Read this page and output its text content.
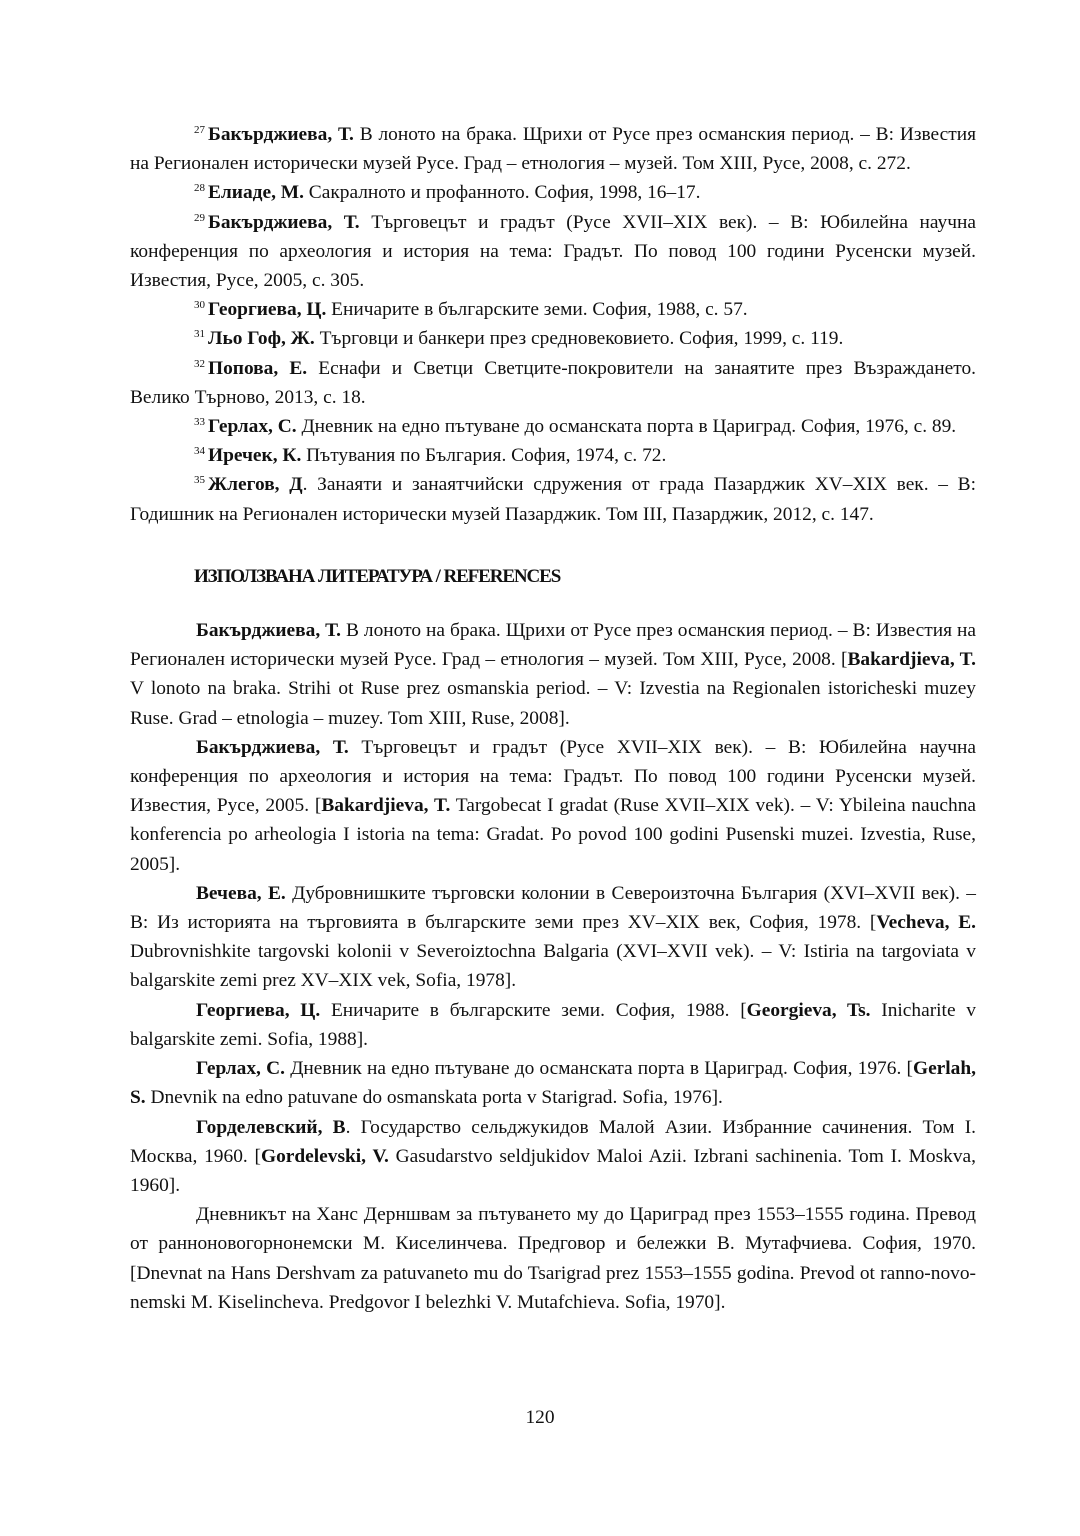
$^{27}$ Бакърджиева, Т. В лоното на брака. Щрихи от Русе през османския период. – В: Известия на Регионален исторически музей Русе. Град – етнология – музей. Том XIII, Русе, 2008, с. 272.

$^{28}$ Елиаде, М. Сакралното и профанното. София, 1998, 16–17.

$^{29}$ Бакърджиева, Т. Търговецът и градът (Русе XVII–XIX век). – В: Юбилейна научна конференция по археология и история на тема: Градът. По повод 100 години Русенски музей. Известия, Русе, 2005, с. 305.

$^{30}$ Георгиева, Ц. Еничарите в българските земи. София, 1988, с. 57.

$^{31}$ Льо Гоф, Ж. Търговци и банкери през средновековието. София, 1999, с. 119.

$^{32}$ Попова, Е. Еснафи и Светци Светците-покровители на занаятите през Възраждането. Велико Търново, 2013, с. 18.

$^{33}$ Герлах, С. Дневник на едно пътуване до османската порта в Цариград. София, 1976, с. 89.

$^{34}$ Иречек, К. Пътувания по България. София, 1974, с. 72.

$^{35}$ Жлегов, Д. Занаяти и занаятчийски сдружения от града Пазарджик XV–XIX век. – В: Годишник на Регионален исторически музей Пазарджик. Том III, Пазарджик, 2012, с. 147.

ИЗПОЛЗВАНА ЛИТЕРАТУРА / REFERENCES

Бакърджиева, Т. В лоното на брака. Щрихи от Русе през османския период. – В: Известия на Регионален исторически музей Русе. Град – етнология – музей. Том XIII, Русе, 2008. [Bakardjieva, T. V lonoto na braka. Strihi ot Ruse prez osmanskia period. – V: Izvestia na Regionalen istoricheski muzey Ruse. Grad – etnologia – muzey. Tom XIII, Ruse, 2008].

Бакърджиева, Т. Търговецът и градът (Русе XVII–XIX век). – В: Юбилейна научна конференция по археология и история на тема: Градът. По повод 100 години Русенски музей. Известия, Русе, 2005. [Bakardjieva, T. Targobecat I gradat (Ruse XVII–XIX vek). – V: Ybileina nauchna konferencia po arheologia I istoria na tema: Gradat. Po povod 100 godini Pusenski muzei. Izvestia, Ruse, 2005].

Вечева, Е. Дубровнишките търговски колонии в Североизточна България (XVI–XVII век). – В: Из историята на търговията в българските земи през XV–XIX век, София, 1978. [Vecheva, E. Dubrovnishkite targovski kolonii v Severoiztochna Balgaria (XVI–XVII vek). – V: Istiria na targoviata v balgarskite zemi prez XV–XIX vek, Sofia, 1978].

Георгиева, Ц. Еничарите в българските земи. София, 1988. [Georgieva, Ts. Inicharite v balgarskite zemi. Sofia, 1988].

Герлах, С. Дневник на едно пътуване до османската порта в Цариград. София, 1976. [Gerlah, S. Dnevnik na edno patuvane do osmanskata porta v Starigrad. Sofia, 1976].

Горделевский, В. Государство сельджукидов Малой Азии. Избранние сачинения. Том I. Москва, 1960. [Gordelevski, V. Gasudarstvo seldjukidov Maloi Azii. Izbrani sachinenia. Tom I. Moskva, 1960].

Дневникът на Ханс Дерншвам за пътуването му до Цариград през 1553–1555 година. Превод от ранноновогорнонемски М. Киселинчева. Предговор и бележки В. Мутафчиева. София, 1970. [Dnevnat na Hans Dershvam za patuvaneto mu do Tsarigrad prez 1553–1555 godina. Prevod ot ranno-novo-nemski M. Kiselincheva. Predgovor I belezhki V. Mutafchieva. Sofia, 1970].

120
